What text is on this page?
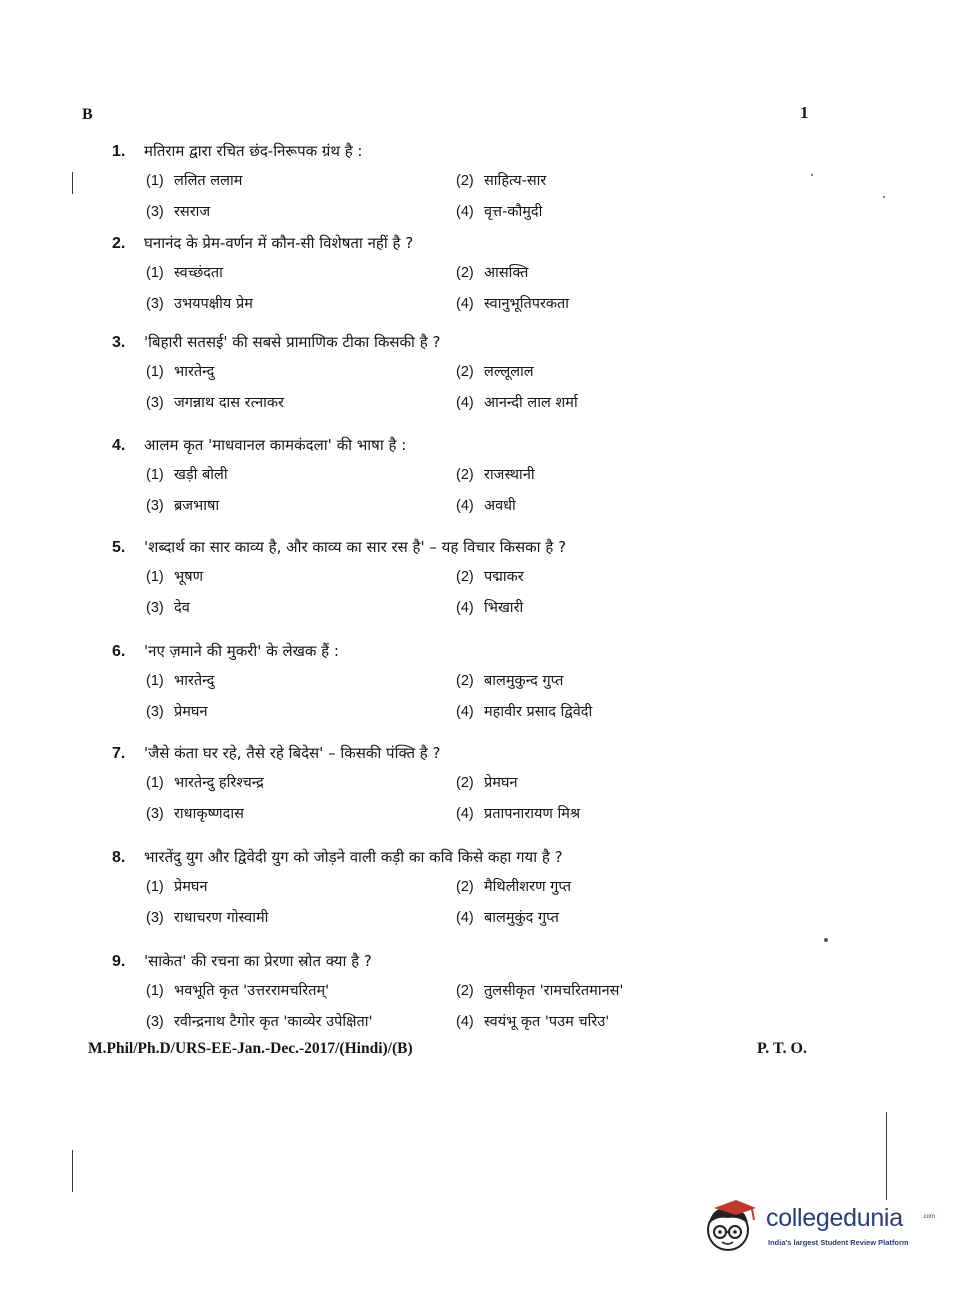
B	1
1. मतिराम द्वारा रचित छंद-निरूपक ग्रंथ है :
(1) ललित ललाम	(2) साहित्य-सार
(3) रसराज	(4) वृत्त-कौमुदी
2. घनानंद के प्रेम-वर्णन में कौन-सी विशेषता नहीं है ?
(1) स्वच्छंदता	(2) आसक्ति
(3) उभयपक्षीय प्रेम	(4) स्वानुभूतिपरकता
3. 'बिहारी सतसई' की सबसे प्रामाणिक टीका किसकी है ?
(1) भारतेन्दु	(2) लल्लूलाल
(3) जगन्नाथ दास रत्नाकर	(4) आनन्दी लाल शर्मा
4. आलम कृत 'माधवानल कामकंदला' की भाषा है :
(1) खड़ी बोली	(2) राजस्थानी
(3) ब्रजभाषा	(4) अवधी
5. 'शब्दार्थ का सार काव्य है, और काव्य का सार रस है' – यह विचार किसका है ?
(1) भूषण	(2) पद्माकर
(3) देव	(4) भिखारी
6. 'नए ज़माने की मुकरी' के लेखक हैं :
(1) भारतेन्दु	(2) बालमुकुन्द गुप्त
(3) प्रेमघन	(4) महावीर प्रसाद द्विवेदी
7. 'जैसे कंता घर रहे, तैसे रहे बिदेस' – किसकी पंक्ति है ?
(1) भारतेन्दु हरिश्चन्द्र	(2) प्रेमघन
(3) राधाकृष्णदास	(4) प्रतापनारायण मिश्र
8. भारतेंदु युग और द्विवेदी युग को जोड़ने वाली कड़ी का कवि किसे कहा गया है ?
(1) प्रेमघन	(2) मैथिलीशरण गुप्त
(3) राधाचरण गोस्वामी	(4) बालमुकुंद गुप्त
9. 'साकेत' की रचना का प्रेरणा स्रोत क्या है ?
(1) भवभूति कृत 'उत्तररामचरितम्'	(2) तुलसीकृत 'रामचरितमानस'
(3) रवीन्द्रनाथ टैगोर कृत 'काव्येर उपेक्षिता'	(4) स्वयंभू कृत 'पउम चरिउ'
M.Phil/Ph.D/URS-EE-Jan.-Dec.-2017/(Hindi)/(B)	P. T. O.
collegedunia	.com
India's largest Student Review Platform
